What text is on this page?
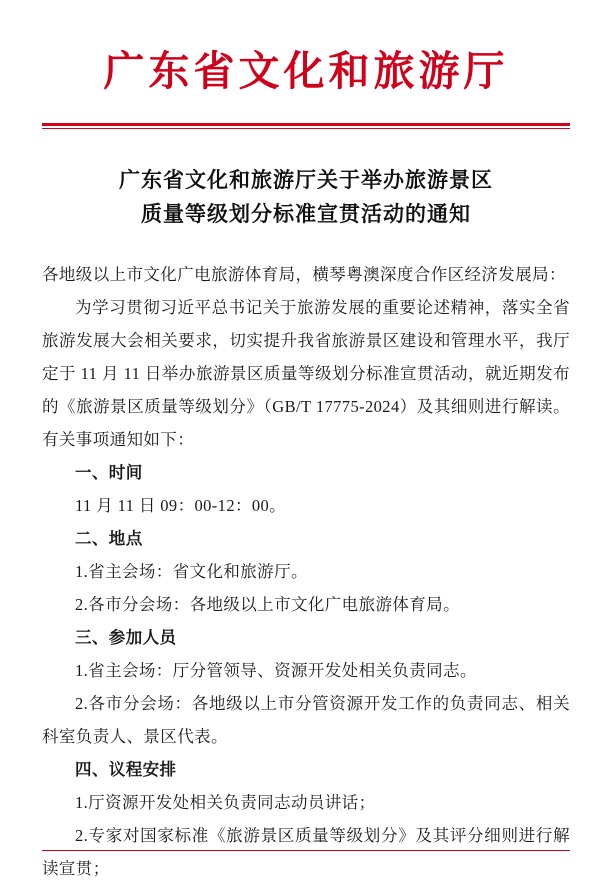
广东省文化和旅游厅
广东省文化和旅游厅关于举办旅游景区
质量等级划分标准宣贯活动的通知

各地级以上市文化广电旅游体育局，横琴粤澳深度合作区经济发展局：

为学习贯彻习近平总书记关于旅游发展的重要论述精神，落实全省旅游发展大会相关要求，切实提升我省旅游景区建设和管理水平，我厅定于 11 月 11 日举办旅游景区质量等级划分标准宣贯活动，就近期发布的《旅游景区质量等级划分》（GB/T 17775-2024）及其细则进行解读。有关事项通知如下：

一、时间

11 月 11 日 09：00-12：00。

二、地点

1.省主会场：省文化和旅游厅。

2.各市分会场：各地级以上市文化广电旅游体育局。

三、参加人员

1.省主会场：厅分管领导、资源开发处相关负责同志。

2.各市分会场：各地级以上市分管资源开发工作的负责同志、相关科室负责人、景区代表。

四、议程安排

1.厅资源开发处相关负责同志动员讲话；

2.专家对国家标准《旅游景区质量等级划分》及其评分细则进行解读宣贯；
